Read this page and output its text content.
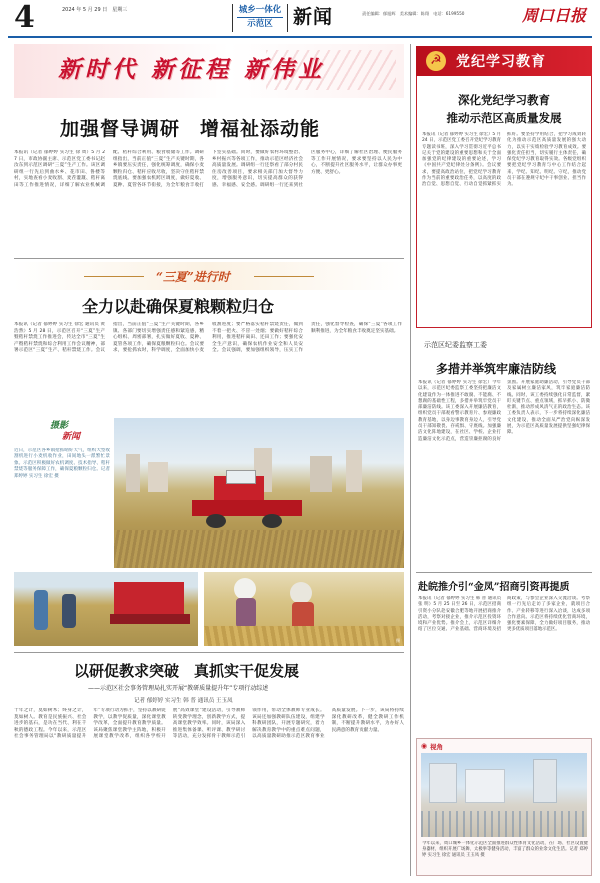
4	2024 年 5 月 29 日　星期三	城乡一体化
示范区	新闻	责任编辑：郁旭辉　美术编辑：陈翔　电话：6199550	周口日报
新时代 新征程 新伟业
加强督导调研　增福祉添动能
本报讯（记者 郁婷婷 实习生 徐 周）5 月 27 日，市政协副主席、示范区党工委书记赵汝东到示范区调研“三夏”生产工作。该区调研组一行先后到曲水乡、花市田、鲁楼等村，实地查看小麦收割、麦茬灌溉、秸秆离田等工作推进情况，详细了解农业机械调配、秸秆综合利用、粮食收储等工作。调研组指出，当前正值“三夏”生产关键时期，各乡镇要压实责任，强化统筹调度，确保小麦颗粒归仓、秸秆应收尽收，坚决守住秸秆禁烧底线。要加强农机跨区调度，做好夏收、夏种、夏管各环节衔接，为全年粮食丰收打下坚实基础。同时，要做好农村环境整治、乡村振兴等各项工作，推动示范区经济社会高质量发展。调研组一行还察看了部分村民住房改善项目，要求相关部门加大督导力度，增强服务意识，切实提高群众的获得感、幸福感、安全感。调研组一行还来到社区服务中心，详细了解社区治理、便民服务等工作开展情况，要求要坚持以人民为中心，不断提升社区服务水平，让群众办事更方便、更舒心。
“三夏”进行时
全力以赴确保夏粮颗粒归仓
本报讯（记者 郁婷婷 实习生 徐宏 通讯员 黄浩然）5 月 28 日，示范区召开“三夏”生产暨秸秆禁烧工作推进会，传达全市“三夏”生产暨秸秆禁烧和综合利用工作会议精神，部署示范区“三夏”生产、秸秆禁烧工作。会议指出，当前正值“三夏”生产关键时期，各乡镇、各部门要切实增强责任感和紧迫感，精心组织、周密部署，扎实做好夏收、夏种、夏管各项工作，确保夏粮颗粒归仓。会议要求，要抢抓农时，科学调度，全面加快小麦收割进度；要严格落实秸秆禁烧责任，做到不着一把火、不冒一处烟；要做好秸秆综合利用，推进秸秆离田、还田工作；要强化安全生产意识，确保农机作业安全和人员安全。会议强调，要加强组织领导，压实工作责任，强化督导检查，确保“三夏”各项工作顺利推进，为全年粮食丰收奠定坚实基础。
摄影
新闻
近日，示范区各乡镇抢抓晴好天气，组织大型收割机进行小麦机收作业，田间地头一派繁忙景象。示范区积极做好农机调度、技术指导、秸秆禁烧等服务保障工作，确保夏粮颗粒归仓。记者 郑婷婷 实习生 徐宏 摄
摄
以研促教求突破　真抓实干促发展
——示范区社会事务管理局扎实开展“教研质量提升年”专项行动综述
记者 郁婷婷 实习生 韩 普 通讯员 王玉凤
十年之计，莫如树木；终身之计，莫如树人。教育是民族振兴、社会进步的基石，是功在当代、利在千秋的德政工程。今年以来，示范区社会事务管理局以“教研质量提升年”专项行动为抓手，坚持以教研促教学，以教学促质量，深化课堂教学改革，全面提升教育教学质量。该局聚焦课堂教学主阵地，积极开展课堂教学改革，组织各学校开展“高效课堂”建设活动，引导教师转变教学理念，创新教学方式，提高课堂教学效率。同时，该局深入推进集体备课、听评课、教学研讨等活动，充分发挥骨干教师示范引领作用，带动全体教师专业成长。该局还加强教研队伍建设，组建学科教研团队，开展专题研究，着力解决教育教学中的重点难点问题，以高质量教研助推示范区教育事业高质量发展。下一步，该局将持续深化教研改革，健全教研工作机制，不断提升教研水平，为办好人民满意的教育贡献力量。
☭ 党纪学习教育
深化党纪学习教育
推动示范区高质量发展
本报讯（记者 郁婷婷 实习生 徐宏）5 月 24 日，示范区党工委召开党纪学习教育专题读书班，深入学习贯彻习近平总书记关于党的建设的重要思想和关于全面加强党的纪律建设的重要论述，学习《中国共产党纪律处分条例》。会议要求，要提高政治站位，把党纪学习教育作为当前的重要政治任务，以高度的政治自觉、思想自觉、行动自觉抓紧抓实抓好。要坚持学用结合，把学习成效转化为推动示范区高质量发展的强大动力，以实干实绩检验学习教育成效。要强化责任担当，切实履行主体责任，确保党纪学习教育取得实效。各级党组织要把党纪学习教育与中心工作结合起来，学纪、知纪、明纪、守纪，推动党员干部在遵规守纪中干事创业、担当作为。
示范区纪委监察工委
多措并举筑牢廉洁防线
本报讯（记者 郁婷婷 实习生 徐宏）今年以来，示范区纪委监察工委坚持把廉洁文化建设作为一体推进不敢腐、不能腐、不想腐的基础性工程，多措并举筑牢党员干部廉洁防线。该工委深入开展廉洁教育，组织党员干部观看警示教育片、参观廉政教育基地，以身边事教育身边人，引导党员干部知敬畏、存戒惧、守底线。加强廉洁文化阵地建设，在社区、学校、企业打造廉洁文化示范点，营造崇廉拒腐的良好氛围。开展家庭助廉活动，引导党员干部及家属树立廉洁家风，筑牢家庭廉洁防线。同时，该工委持续强化日常监督，紧盯关键节点、重点领域，抓早抓小、防微杜渐，推动形成风清气正的政治生态。该工委负责人表示，下一步将持续深化廉洁文化建设，推动全面从严治党向纵深发展，为示范区高质量发展提供坚强纪律保障。
赴皖推介引“金凤”招商引资再提质
本报讯（记者 郁婷婷 实习生 韩 普 通讯员 张 明）5 月 25 日至 26 日，示范区招商引资小分队赴安徽合肥等地开展招商推介活动，考察对接企业，推介示范区投资环境和产业优势。推介会上，示范区详细介绍了区位交通、产业基础、营商环境及招商政策，与参会企业深入交流洽谈。考察组一行先后走访了多家企业，就项目合作、产业转移等进行深入洽谈，达成多项合作意向。示范区将持续优化营商环境，强化要素保障，全力做好项目服务，推动更多优质项目落地示范区。
◉ 视角
今年以来，周口城乡一体化示范区全面推进群众性体育文化活动，在广场、社区设置健身器材，组织开展广场舞、太极拳等健身活动，丰富了群众的业余文化生活。记者 郑婷婷 实习生 徐宏 通讯员 王玉凤 摄
